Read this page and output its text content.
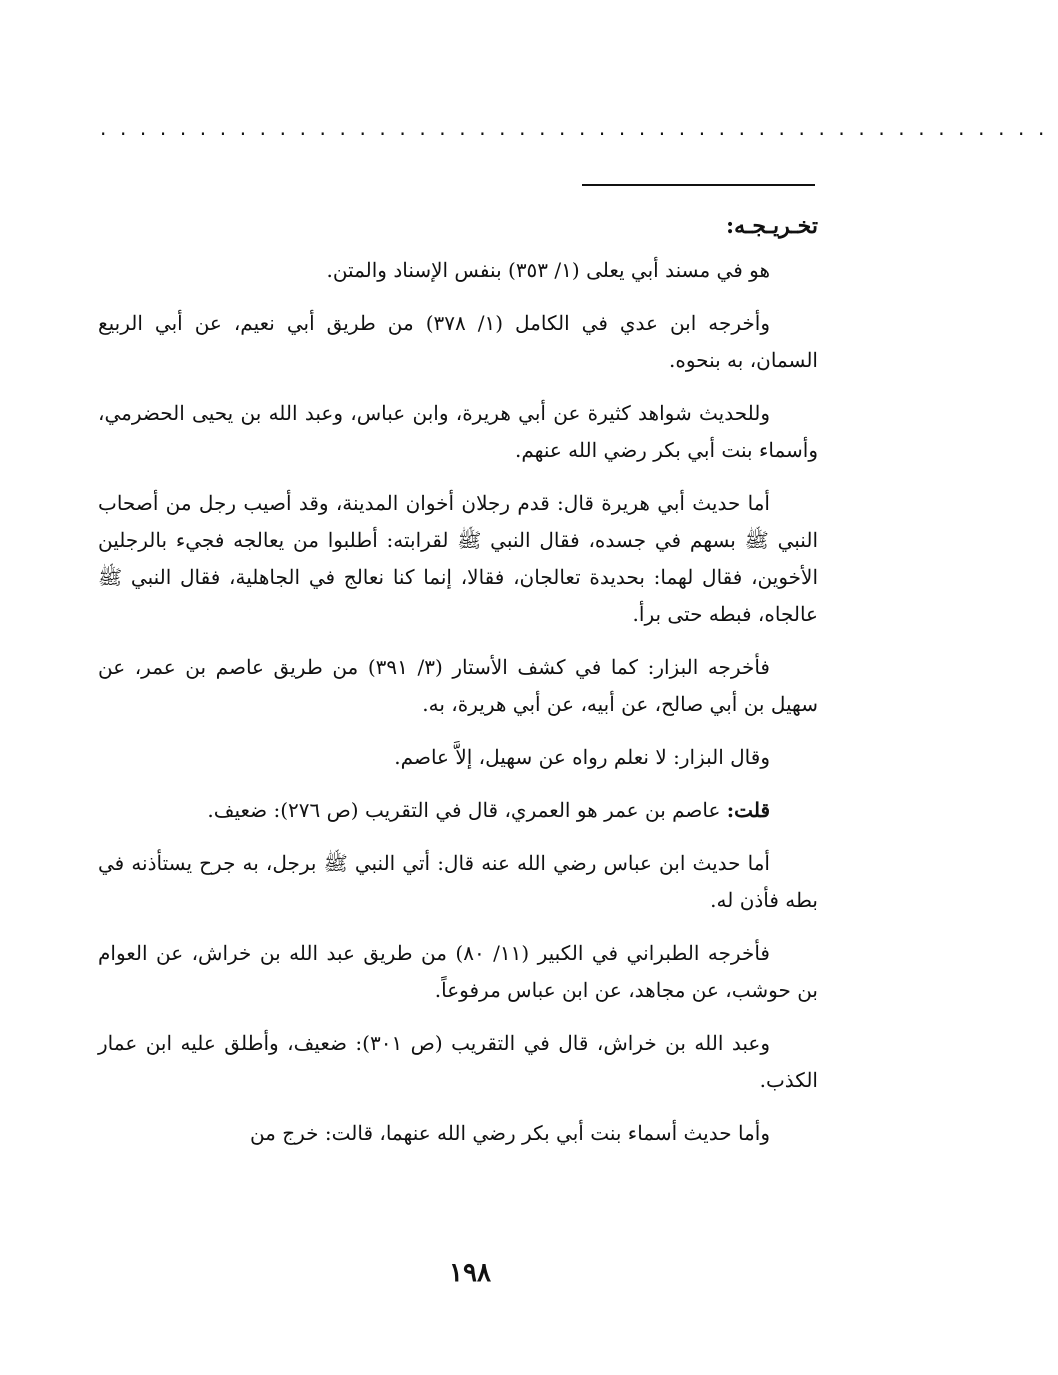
................................................
تخـريـجـه:

هو في مسند أبي يعلى (١/ ٣٥٣) بنفس الإسناد والمتن.

وأخرجه ابن عدي في الكامل (١/ ٣٧٨) من طريق أبي نعيم، عن أبي الربيع السمان، به بنحوه.

وللحديث شواهد كثيرة عن أبي هريرة، وابن عباس، وعبد الله بن يحيى الحضرمي، وأسماء بنت أبي بكر رضي الله عنهم.

أما حديث أبي هريرة قال: قدم رجلان أخوان المدينة، وقد أصيب رجل من أصحاب النبي ﷺ بسهم في جسده، فقال النبي ﷺ لقرابته: أطلبوا من يعالجه فجيء بالرجلين الأخوين، فقال لهما: بحديدة تعالجان، فقالا، إنما كنا نعالج في الجاهلية، فقال النبي ﷺ عالجاه، فبطه حتى برأ.

فأخرجه البزار: كما في كشف الأستار (٣/ ٣٩١) من طريق عاصم بن عمر، عن سهيل بن أبي صالح، عن أبيه، عن أبي هريرة، به.

وقال البزار: لا نعلم رواه عن سهيل، إلاَّ عاصم.

قلت: عاصم بن عمر هو العمري، قال في التقريب (ص ٢٧٦): ضعيف.

أما حديث ابن عباس رضي الله عنه قال: أتي النبي ﷺ برجل، به جرح يستأذنه في بطه فأذن له.

فأخرجه الطبراني في الكبير (١١/ ٨٠) من طريق عبد الله بن خراش، عن العوام بن حوشب، عن مجاهد، عن ابن عباس مرفوعاً.

وعبد الله بن خراش، قال في التقريب (ص ٣٠١): ضعيف، وأطلق عليه ابن عمار الكذب.

وأما حديث أسماء بنت أبي بكر رضي الله عنهما، قالت: خرج من

١٩٨
